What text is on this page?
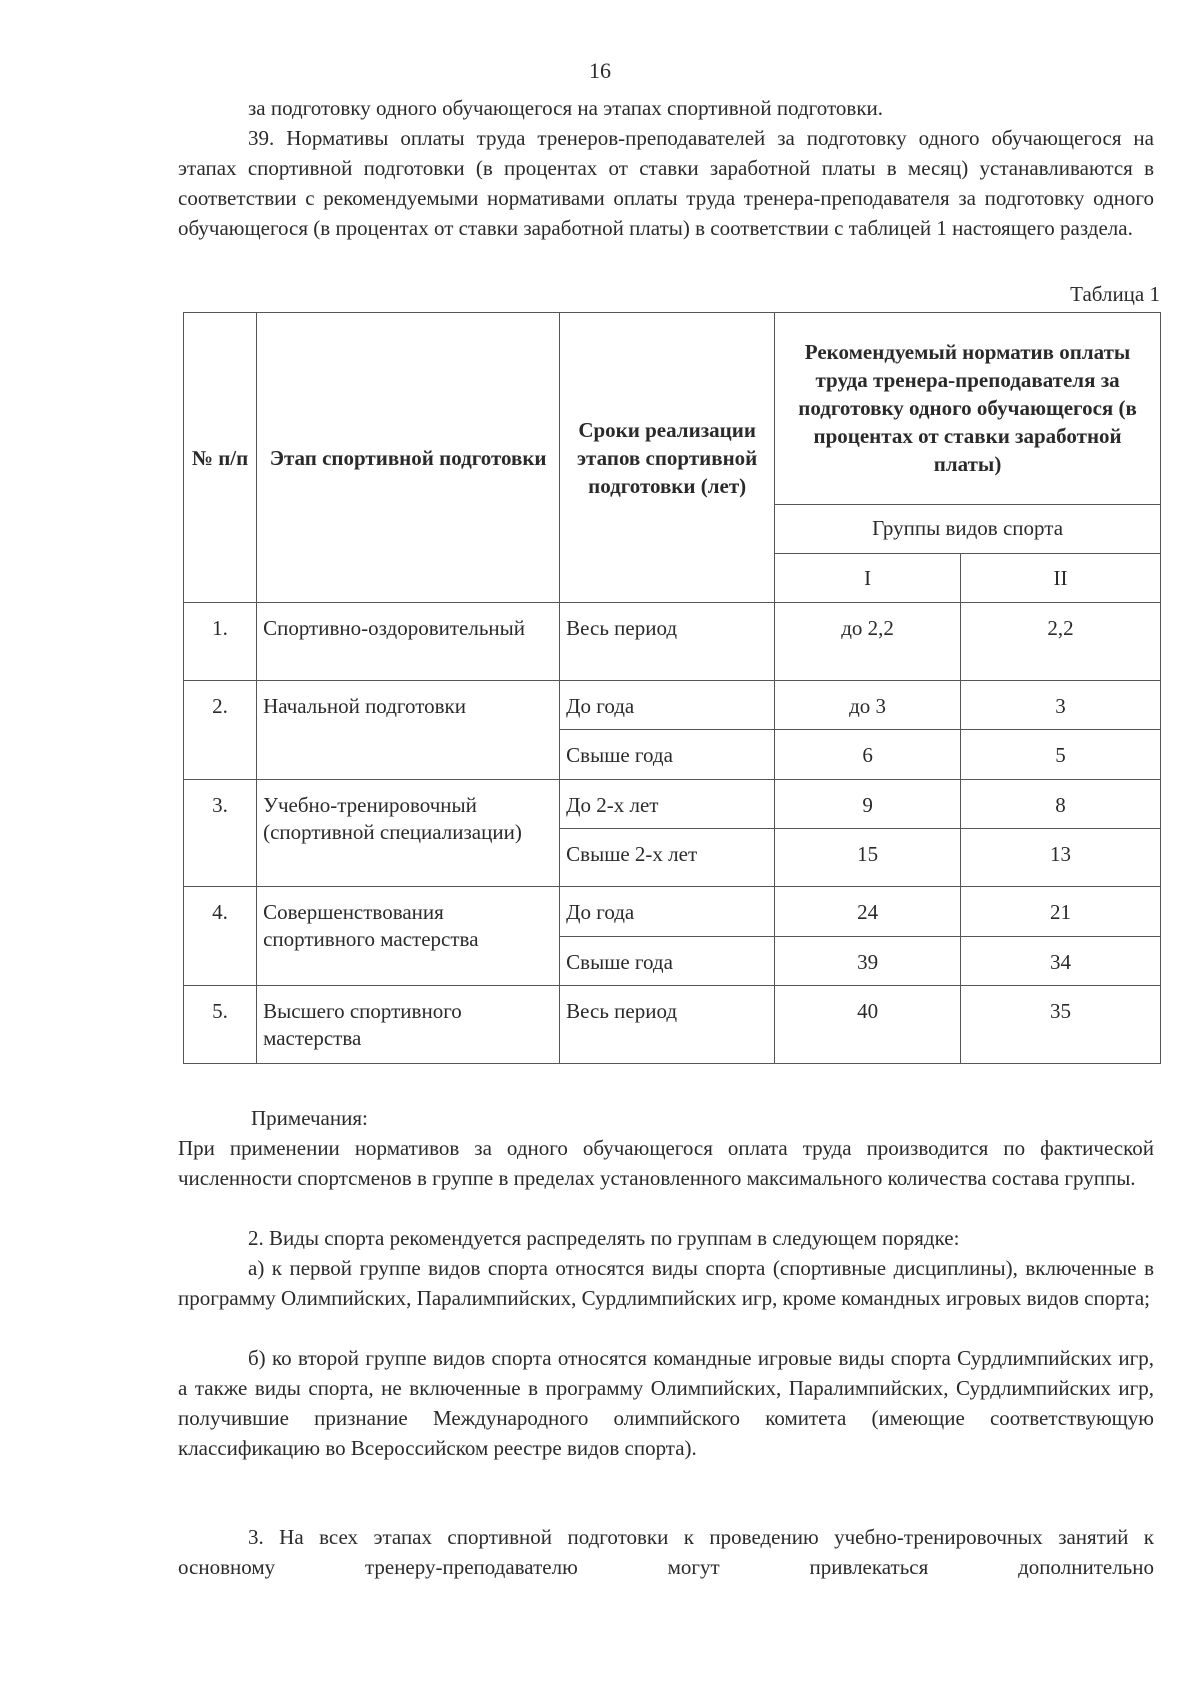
16
за подготовку одного обучающегося на этапах спортивной подготовки.
39. Нормативы оплаты труда тренеров-преподавателей за подготовку одного обучающегося на этапах спортивной подготовки (в процентах от ставки заработной платы в месяц) устанавливаются в соответствии с рекомендуемыми нормативами оплаты труда тренера-преподавателя за подготовку одного обучающегося (в процентах от ставки заработной платы) в соответствии с таблицей 1 настоящего раздела.
Таблица 1
№ п/п	Этап спортивной подготовки	Сроки реализации этапов спортивной подготовки (лет)	Рекомендуемый норматив оплаты труда тренера-преподавателя за подготовку одного обучающегося (в процентах от ставки заработной платы)	
			Группы видов спорта	
			I	II
1.	Спортивно-оздоровительный	Весь период	до 2,2	2,2
2.	Начальной подготовки	До года	до 3	3
		Свыше года	6	5
3.	Учебно-тренировочный (спортивной специализации)	До 2-х лет	9	8
		Свыше 2-х лет	15	13
4.	Совершенствования спортивного мастерства	До года	24	21
		Свыше года	39	34
5.	Высшего спортивного мастерства	Весь период	40	35
Примечания:
При применении нормативов за одного обучающегося оплата труда производится по фактической численности спортсменов в группе в пределах установленного максимального количества состава группы.
2. Виды спорта рекомендуется распределять по группам в следующем порядке:
а) к первой группе видов спорта относятся виды спорта (спортивные дисциплины), включенные в программу Олимпийских, Паралимпийских, Сурдлимпийских игр, кроме командных игровых видов спорта;
б) ко второй группе видов спорта относятся командные игровые виды спорта Сурдлимпийских игр, а также виды спорта, не включенные в программу Олимпийских, Паралимпийских, Сурдлимпийских игр, получившие признание Международного олимпийского комитета (имеющие соответствующую классификацию во Всероссийском реестре видов спорта).
3. На всех этапах спортивной подготовки к проведению учебно-тренировочных занятий к основному тренеру-преподавателю могут привлекаться дополнительно
